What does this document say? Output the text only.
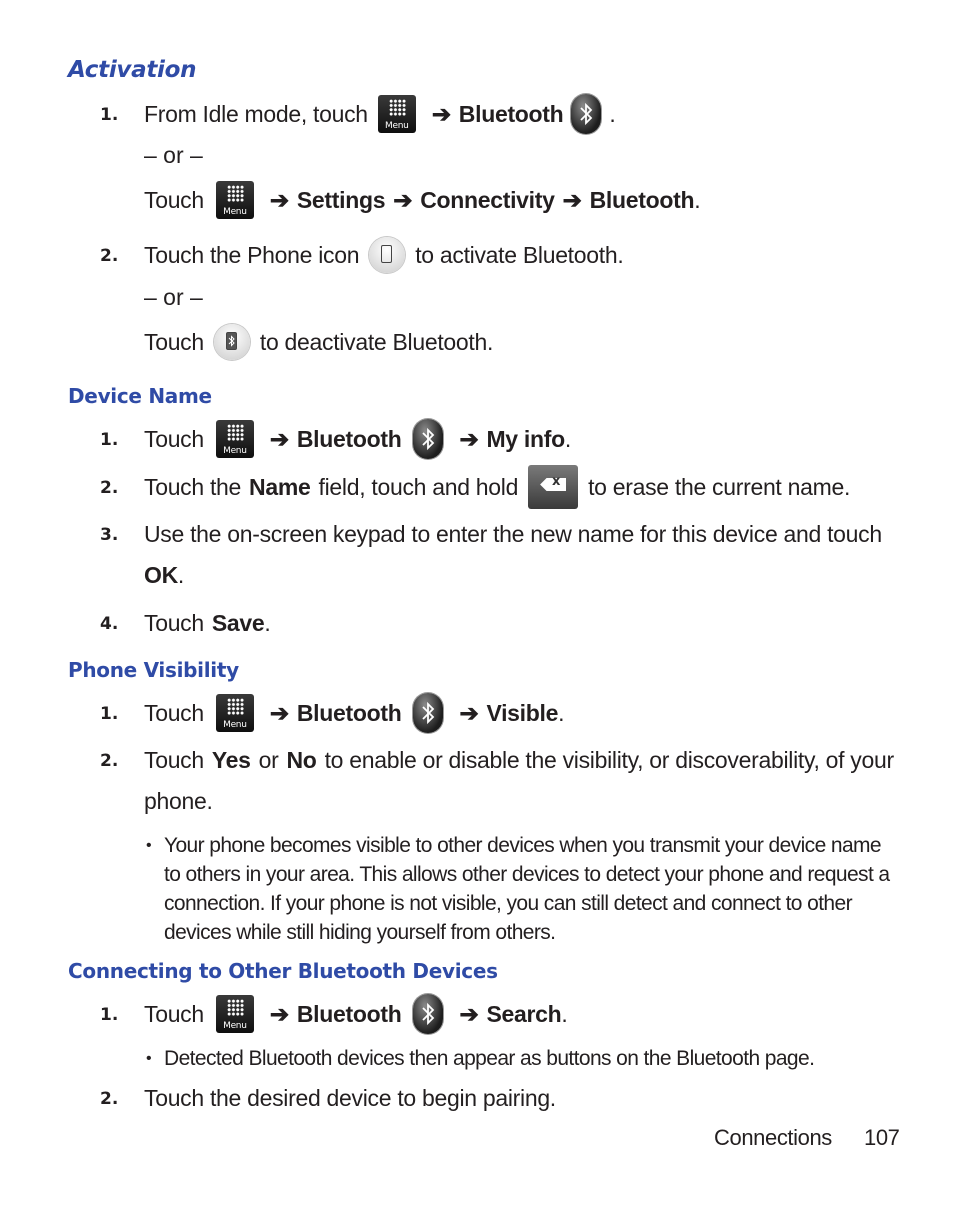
Activation
1. From Idle mode, touch	Menu	➔ Bluetooth .
– or –
Touch	Menu	➔ Settings ➔ Connectivity ➔ Bluetooth .
2. Touch the Phone icon to activate Bluetooth.
– or –
Touch to deactivate Bluetooth.
Device Name
1. Touch	Menu	➔ Bluetooth	➔ My info .
2. Touch the Name field, touch and hold	x to erase the current name.
3. Use the on-screen keypad to enter the new name for this device and touch
OK .
4. Touch Save .
Phone Visibility
1. Touch	Menu	➔ Bluetooth	➔ Visible .
2. Touch Yes or No to enable or disable the visibility, or discoverability, of your
phone.
• Your phone becomes visible to other devices when you transmit your device name to others in your area. This allows other devices to detect your phone and request a connection. If your phone is not visible, you can still detect and connect to other devices while still hiding yourself from others.
Connecting to Other Bluetooth Devices
1. Touch	Menu	➔ Bluetooth	➔ Search .
• Detected Bluetooth devices then appear as buttons on the Bluetooth page.
2. Touch the desired device to begin pairing.
Connections 107
